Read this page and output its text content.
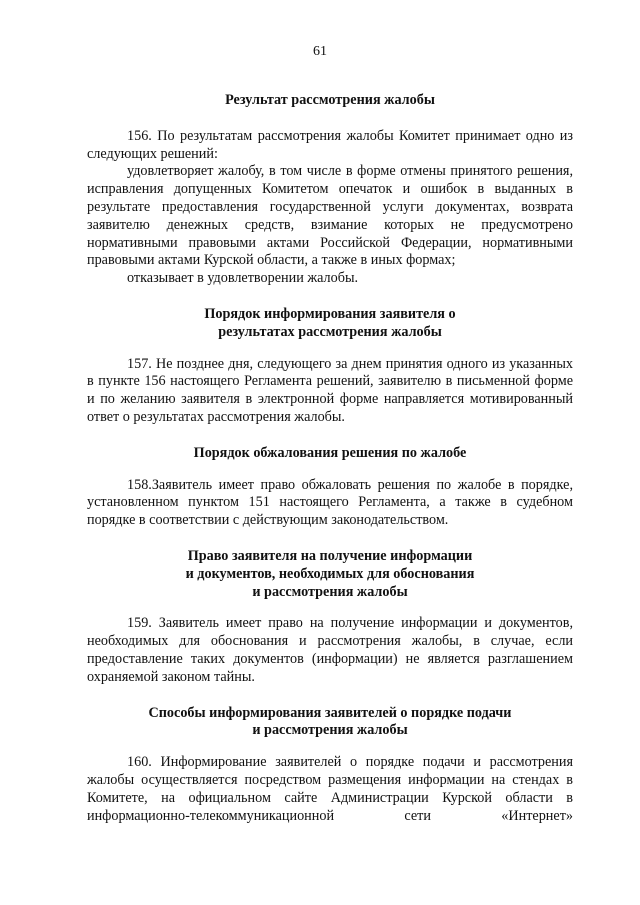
61

Результат рассмотрения жалобы

156. По результатам рассмотрения жалобы Комитет принимает одно из следующих решений:

удовлетворяет жалобу, в том числе в форме отмены принятого решения, исправления допущенных Комитетом опечаток и ошибок в выданных в результате предоставления государственной услуги документах, возврата заявителю денежных средств, взимание которых не предусмотрено нормативными правовыми актами Российской Федерации, нормативными правовыми актами Курской области, а также в иных формах;

отказывает в удовлетворении жалобы.

Порядок информирования заявителя о
результатах рассмотрения жалобы

157. Не позднее дня, следующего за днем принятия одного из указанных в пункте 156 настоящего Регламента решений, заявителю в письменной форме и по желанию заявителя в электронной форме направляется мотивированный ответ о результатах рассмотрения жалобы.

Порядок обжалования решения по жалобе

158.Заявитель имеет право обжаловать решения по жалобе в порядке, установленном пунктом 151 настоящего Регламента, а также в судебном порядке в соответствии с действующим законодательством.

Право заявителя на получение информации
и документов, необходимых для обоснования
и рассмотрения жалобы

159. Заявитель имеет право на получение информации и документов, необходимых для обоснования и рассмотрения жалобы, в случае, если предоставление таких документов (информации) не является разглашением охраняемой законом тайны.

Способы информирования заявителей о порядке подачи
и рассмотрения жалобы

160. Информирование заявителей о порядке подачи и рассмотрения жалобы осуществляется посредством размещения информации на стендах в Комитете, на официальном сайте Администрации Курской области в информационно-телекоммуникационной сети «Интернет»
